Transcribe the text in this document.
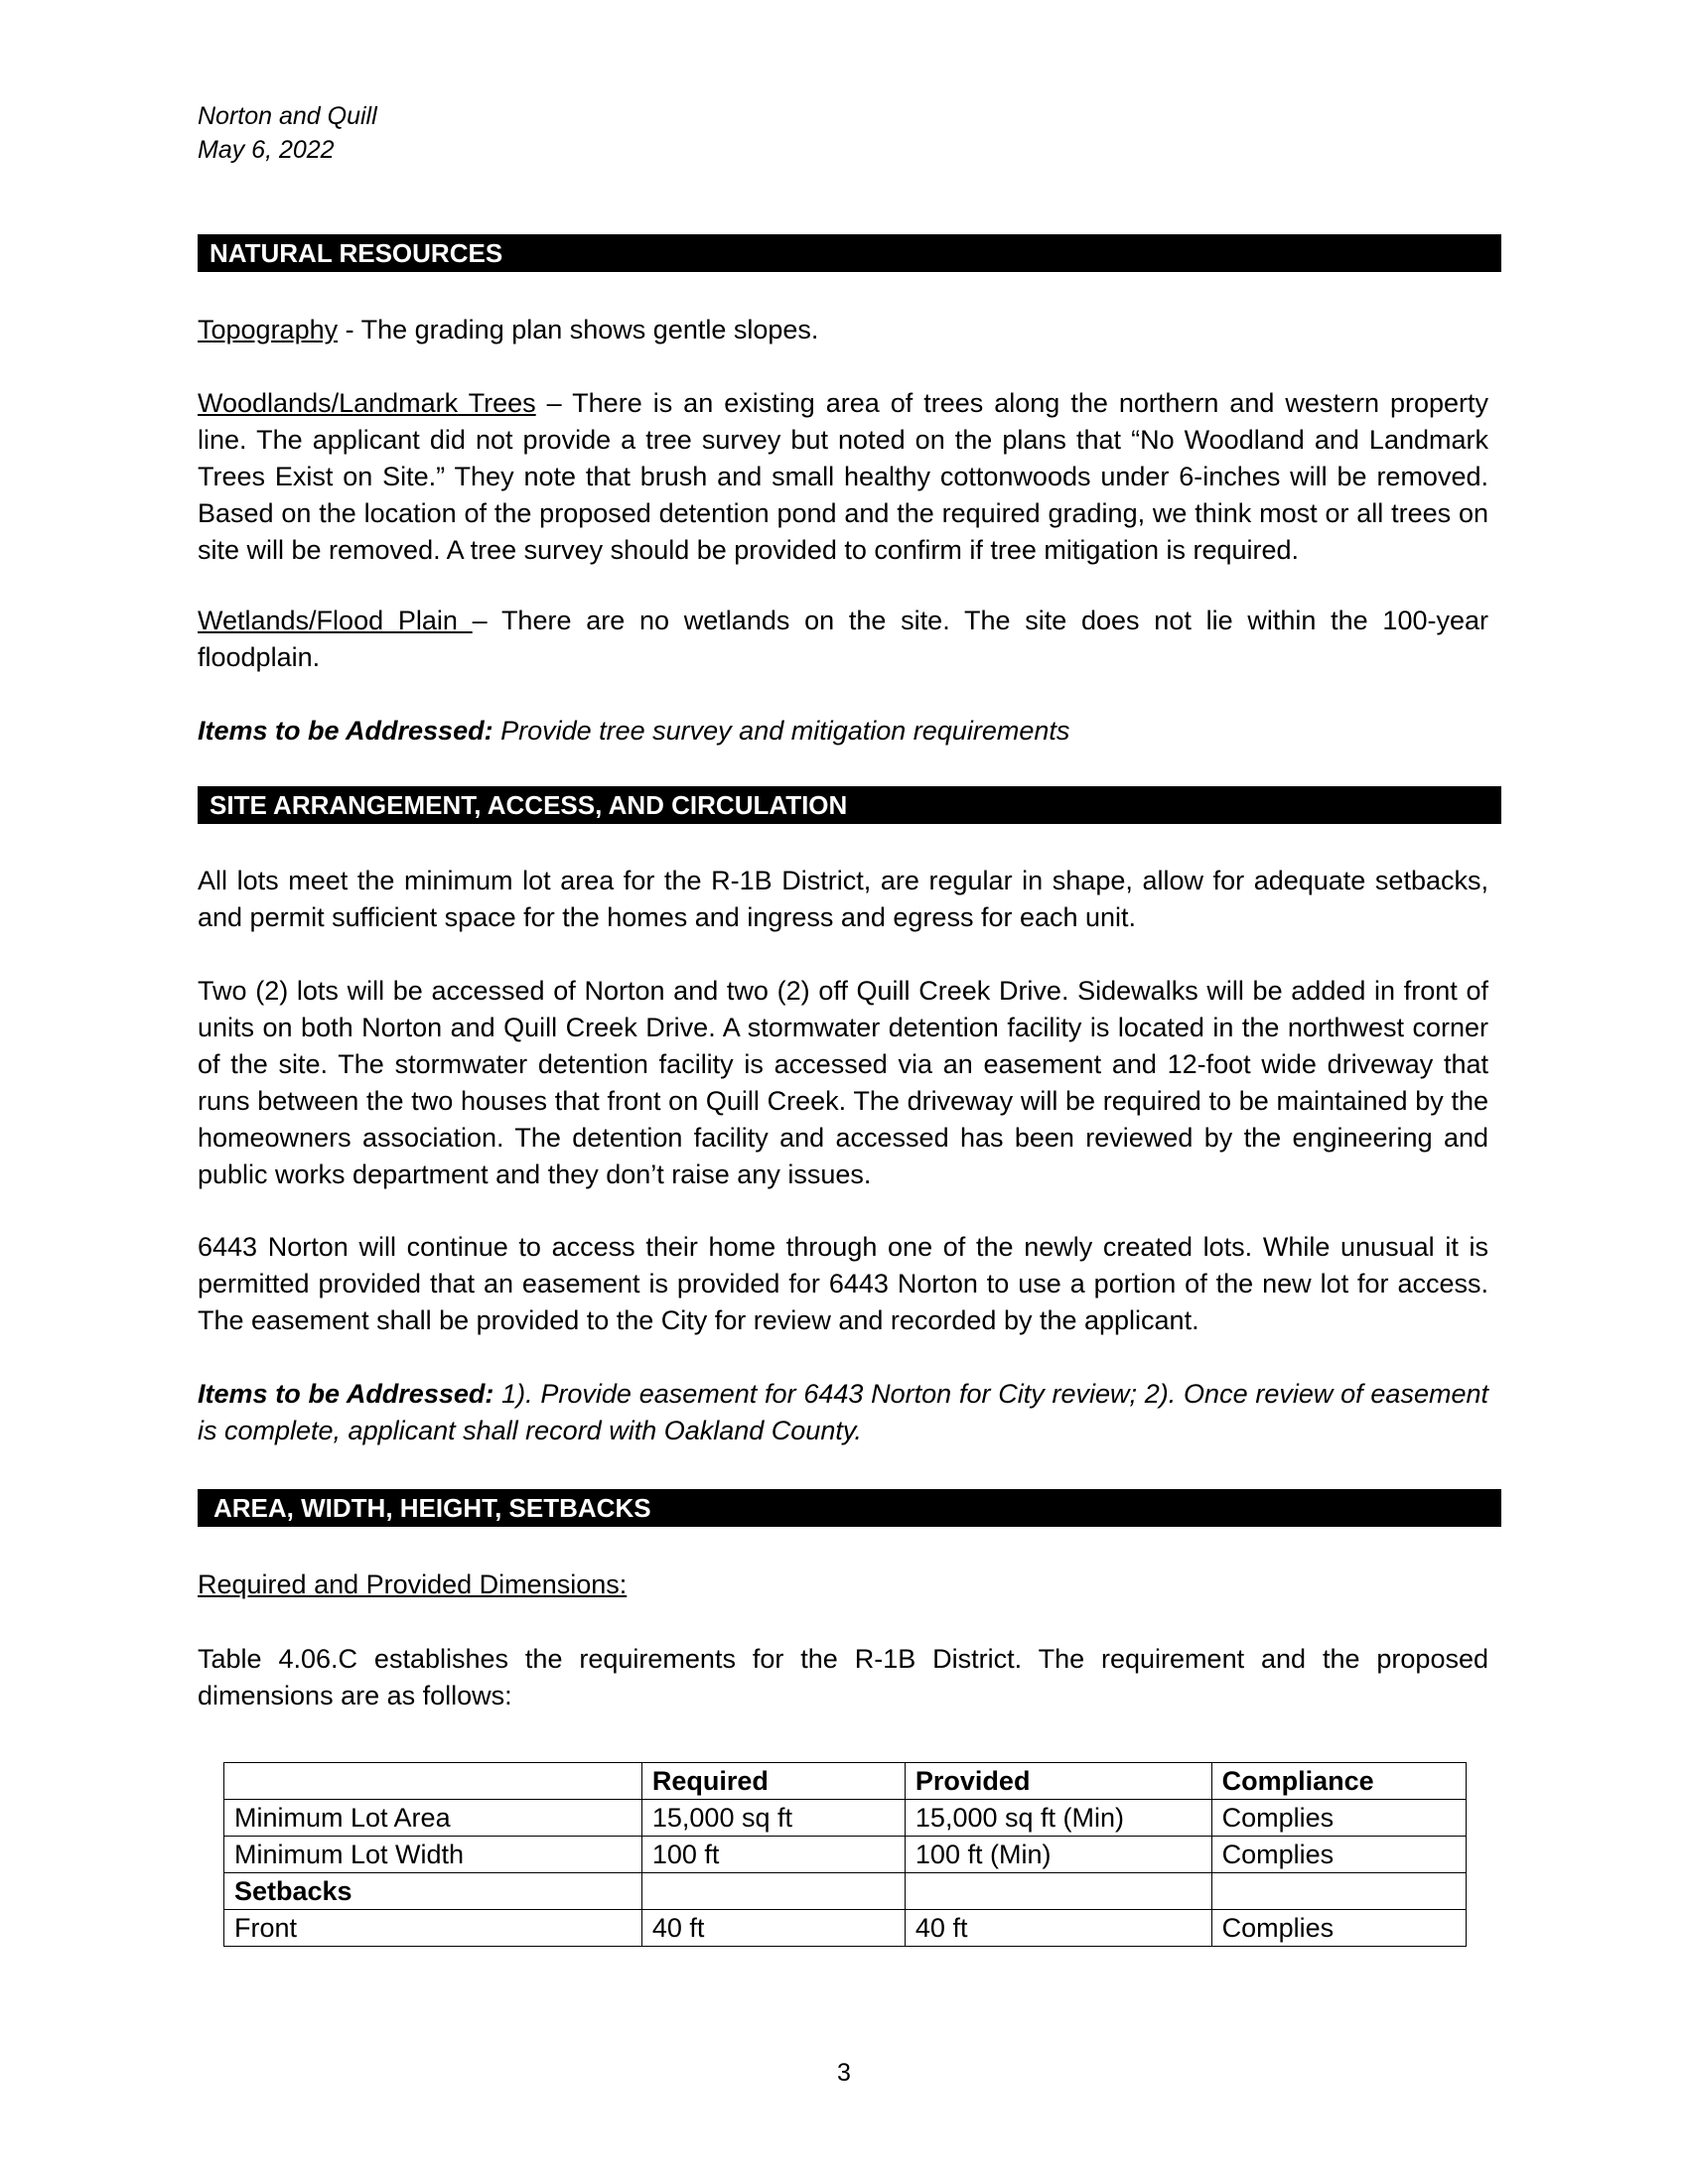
Norton and Quill
May 6, 2022
NATURAL RESOURCES
Topography - The grading plan shows gentle slopes.
Woodlands/Landmark Trees – There is an existing area of trees along the northern and western property line. The applicant did not provide a tree survey but noted on the plans that “No Woodland and Landmark Trees Exist on Site.” They note that brush and small healthy cottonwoods under 6-inches will be removed. Based on the location of the proposed detention pond and the required grading, we think most or all trees on site will be removed. A tree survey should be provided to confirm if tree mitigation is required.
Wetlands/Flood Plain – There are no wetlands on the site. The site does not lie within the 100-year floodplain.
Items to be Addressed: Provide tree survey and mitigation requirements
SITE ARRANGEMENT, ACCESS, AND CIRCULATION
All lots meet the minimum lot area for the R-1B District, are regular in shape, allow for adequate setbacks, and permit sufficient space for the homes and ingress and egress for each unit.
Two (2) lots will be accessed of Norton and two (2) off Quill Creek Drive. Sidewalks will be added in front of units on both Norton and Quill Creek Drive. A stormwater detention facility is located in the northwest corner of the site. The stormwater detention facility is accessed via an easement and 12-foot wide driveway that runs between the two houses that front on Quill Creek. The driveway will be required to be maintained by the homeowners association. The detention facility and accessed has been reviewed by the engineering and public works department and they don’t raise any issues.
6443 Norton will continue to access their home through one of the newly created lots. While unusual it is permitted provided that an easement is provided for 6443 Norton to use a portion of the new lot for access. The easement shall be provided to the City for review and recorded by the applicant.
Items to be Addressed: 1). Provide easement for 6443 Norton for City review; 2). Once review of easement is complete, applicant shall record with Oakland County.
AREA, WIDTH, HEIGHT, SETBACKS
Required and Provided Dimensions:
Table 4.06.C establishes the requirements for the R-1B District. The requirement and the proposed dimensions are as follows:
	Required	Provided	Compliance
Minimum Lot Area	15,000 sq ft	15,000 sq ft (Min)	Complies
Minimum Lot Width	100 ft	100 ft (Min)	Complies
Setbacks			
Front	40 ft	40 ft	Complies
3
